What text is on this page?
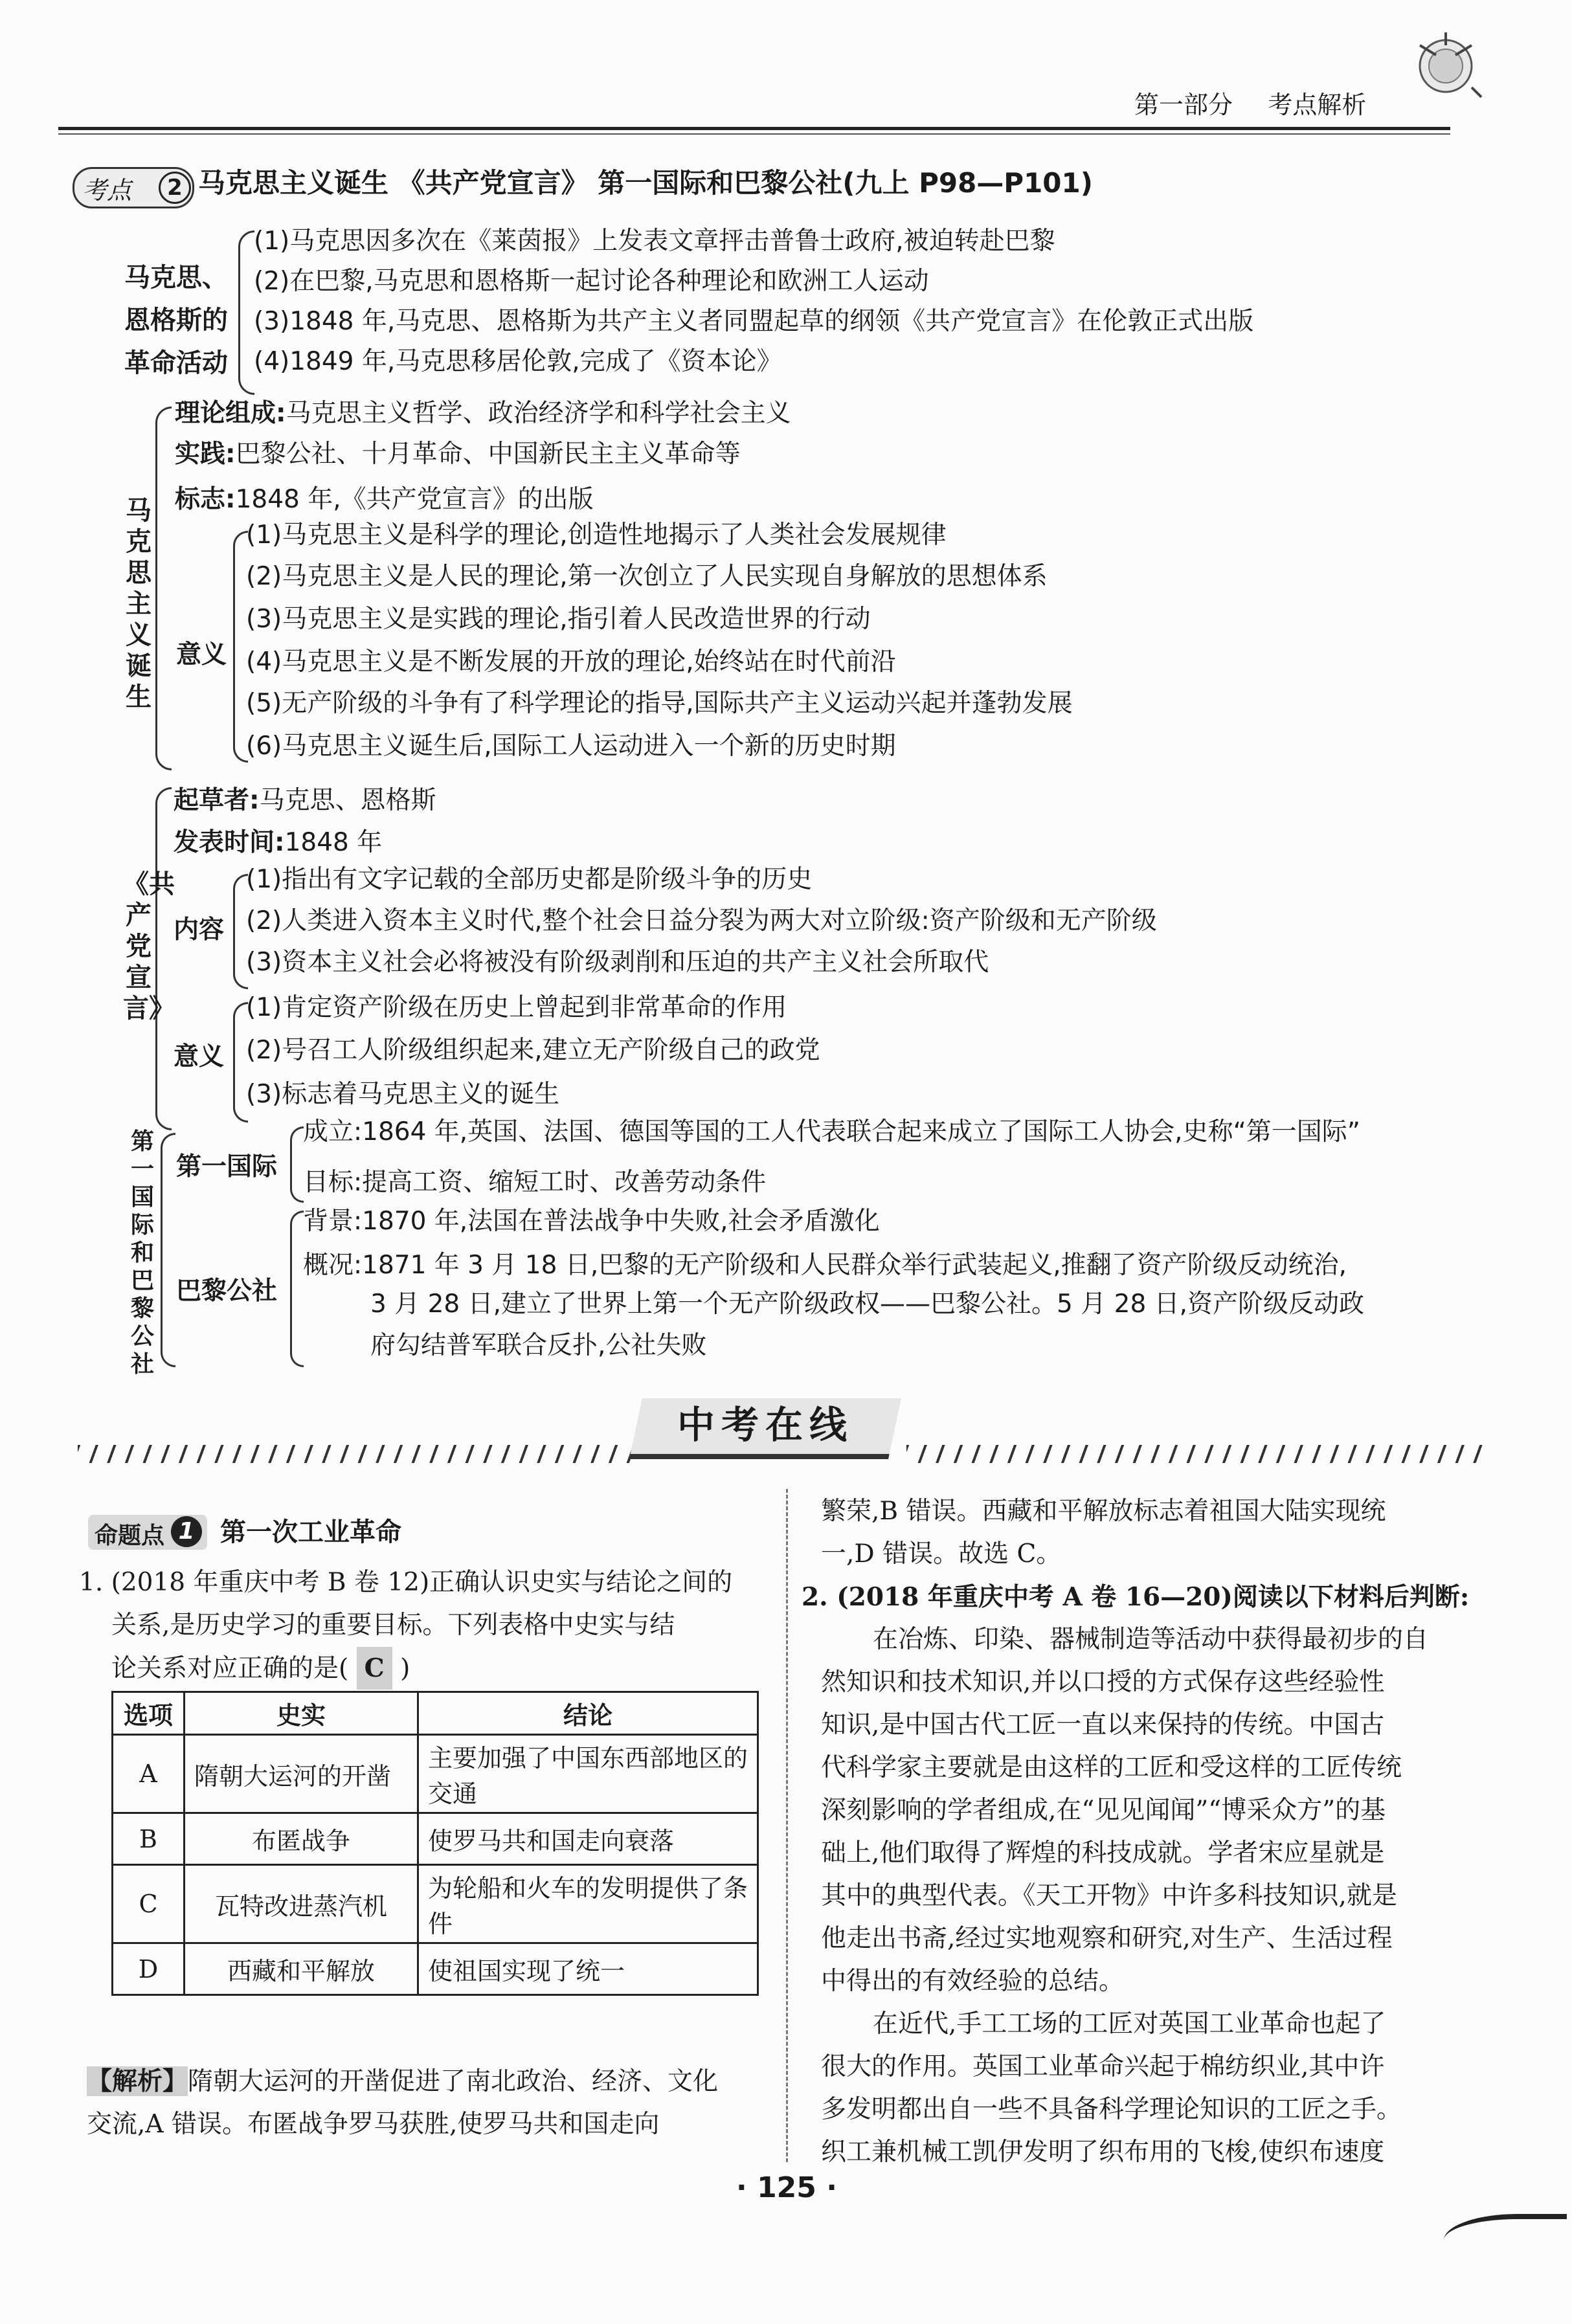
第一部分 考点解析
考点	2 马克思主义诞生 《共产党宣言》 第一国际和巴黎公社(九上 P98—P101)
马克思、
恩格斯的
革命活动
(1)马克思因多次在《莱茵报》上发表文章抨击普鲁士政府,被迫转赴巴黎
(2)在巴黎,马克思和恩格斯一起讨论各种理论和欧洲工人运动
(3)1848 年,马克思、恩格斯为共产主义者同盟起草的纲领《共产党宣言》在伦敦正式出版
(4)1849 年,马克思移居伦敦,完成了《资本论》
马克思主义诞生
理论组成:马克思主义哲学、政治经济学和科学社会主义
实践:巴黎公社、十月革命、中国新民主主义革命等
标志:1848 年,《共产党宣言》的出版
意义
(1)马克思主义是科学的理论,创造性地揭示了人类社会发展规律
(2)马克思主义是人民的理论,第一次创立了人民实现自身解放的思想体系
(3)马克思主义是实践的理论,指引着人民改造世界的行动
(4)马克思主义是不断发展的开放的理论,始终站在时代前沿
(5)无产阶级的斗争有了科学理论的指导,国际共产主义运动兴起并蓬勃发展
(6)马克思主义诞生后,国际工人运动进入一个新的历史时期
《共产党宣言》
起草者:马克思、恩格斯
发表时间:1848 年
内容
(1)指出有文字记载的全部历史都是阶级斗争的历史
(2)人类进入资本主义时代,整个社会日益分裂为两大对立阶级:资产阶级和无产阶级
(3)资本主义社会必将被没有阶级剥削和压迫的共产主义社会所取代
意义
(1)肯定资产阶级在历史上曾起到非常革命的作用
(2)号召工人阶级组织起来,建立无产阶级自己的政党
(3)标志着马克思主义的诞生
第一国际和巴黎公社
第一国际
成立:1864 年,英国、法国、德国等国的工人代表联合起来成立了国际工人协会,史称“第一国际”
目标:提高工资、缩短工时、改善劳动条件
巴黎公社
背景:1870 年,法国在普法战争中失败,社会矛盾激化
概况:1871 年 3 月 18 日,巴黎的无产阶级和人民群众举行武装起义,推翻了资产阶级反动统治,
3 月 28 日,建立了世界上第一个无产阶级政权——巴黎公社。5 月 28 日,资产阶级反动政
府勾结普军联合反扑,公社失败
中考在线
命题点 1 第一次工业革命
1. (2018 年重庆中考 B 卷 12)正确认识史实与结论之间的
关系,是历史学习的重要目标。下列表格中史实与结
论关系对应正确的是( C )
选项	史实	结论
A	隋朝大运河的开凿	主要加强了中国东西部地区的交通
B	布匿战争	使罗马共和国走向衰落
C	瓦特改进蒸汽机	为轮船和火车的发明提供了条件
D	西藏和平解放	使祖国实现了统一
【解析】隋朝大运河的开凿促进了南北政治、经济、文化
交流,A 错误。布匿战争罗马获胜,使罗马共和国走向
繁荣,B 错误。西藏和平解放标志着祖国大陆实现统
一,D 错误。故选 C。
2. (2018 年重庆中考 A 卷 16—20)阅读以下材料后判断:
在冶炼、印染、器械制造等活动中获得最初步的自
然知识和技术知识,并以口授的方式保存这些经验性
知识,是中国古代工匠一直以来保持的传统。中国古
代科学家主要就是由这样的工匠和受这样的工匠传统
深刻影响的学者组成,在“见见闻闻”“博采众方”的基
础上,他们取得了辉煌的科技成就。学者宋应星就是
其中的典型代表。《天工开物》中许多科技知识,就是
他走出书斋,经过实地观察和研究,对生产、生活过程
中得出的有效经验的总结。
在近代,手工工场的工匠对英国工业革命也起了
很大的作用。英国工业革命兴起于棉纺织业,其中许
多发明都出自一些不具备科学理论知识的工匠之手。
织工兼机械工凯伊发明了织布用的飞梭,使织布速度
· 125 ·
